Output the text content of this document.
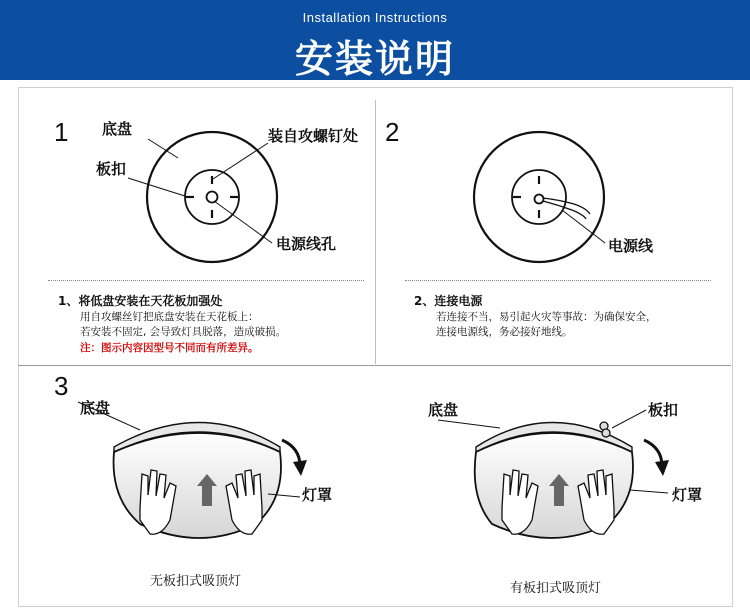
Installation Instructions
安装说明
1 底盘
板扣
装自攻螺钉处
电源线孔
1、将低盘安装在天花板加强处
用自攻螺丝钉把底盘安装在天花板上：
若安装不固定, 会导致灯具脱落，造成破损。
注：图示内容因型号不同而有所差异。
2
电源线
2、连接电源
若连接不当，易引起火灾等事故：为确保安全，
连接电源线，务必接好地线。
3
底盘
灯罩
无板扣式吸顶灯
底盘	板扣
灯罩
有板扣式吸顶灯
